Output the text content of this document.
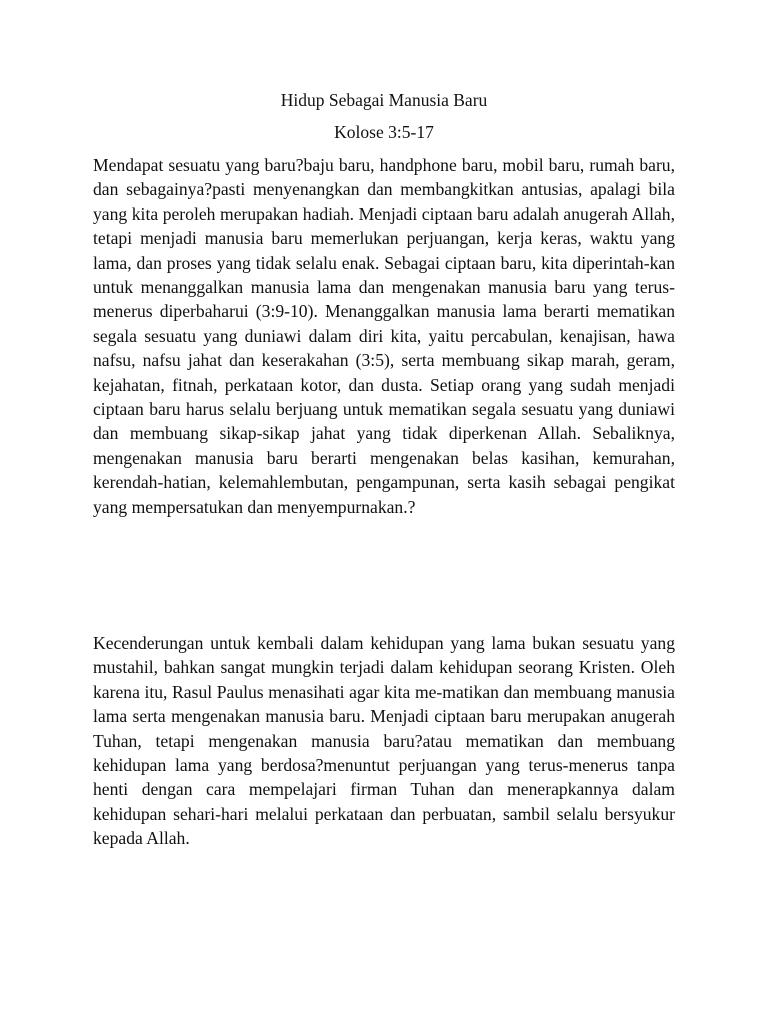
Hidup Sebagai Manusia Baru
Kolose 3:5-17

Mendapat sesuatu yang baru?baju baru, handphone baru, mobil baru, rumah baru, dan sebagainya?pasti menyenangkan dan membangkitkan antusias, apalagi bila yang kita peroleh merupakan hadiah. Menjadi ciptaan baru adalah anugerah Allah, tetapi menjadi manusia baru memerlukan perjuangan, kerja keras, waktu yang lama, dan proses yang tidak selalu enak. Sebagai ciptaan baru, kita diperintah-kan untuk menanggalkan manusia lama dan mengenakan manusia baru yang terus-menerus diperbaharui (3:9-10). Menanggalkan manusia lama berarti mematikan segala sesuatu yang duniawi dalam diri kita, yaitu percabulan, kenajisan, hawa nafsu, nafsu jahat dan keserakahan (3:5), serta membuang sikap marah, geram, kejahatan, fitnah, perkataan kotor, dan dusta. Setiap orang yang sudah menjadi ciptaan baru harus selalu berjuang untuk mematikan segala sesuatu yang duniawi dan membuang sikap-sikap jahat yang tidak diperkenan Allah. Sebaliknya, mengenakan manusia baru berarti mengenakan belas kasihan, kemurahan, kerendah-hatian, kelemahlembutan, pengampunan, serta kasih sebagai pengikat yang mempersatukan dan menyempurnakan.?

Kecenderungan untuk kembali dalam kehidupan yang lama bukan sesuatu yang mustahil, bahkan sangat mungkin terjadi dalam kehidupan seorang Kristen. Oleh karena itu, Rasul Paulus menasihati agar kita me-matikan dan membuang manusia lama serta mengenakan manusia baru. Menjadi ciptaan baru merupakan anugerah Tuhan, tetapi mengenakan manusia baru?atau mematikan dan membuang kehidupan lama yang berdosa?menuntut perjuangan yang terus-menerus tanpa henti dengan cara mempelajari firman Tuhan dan menerapkannya dalam kehidupan sehari-hari melalui perkataan dan perbuatan, sambil selalu bersyukur kepada Allah.
